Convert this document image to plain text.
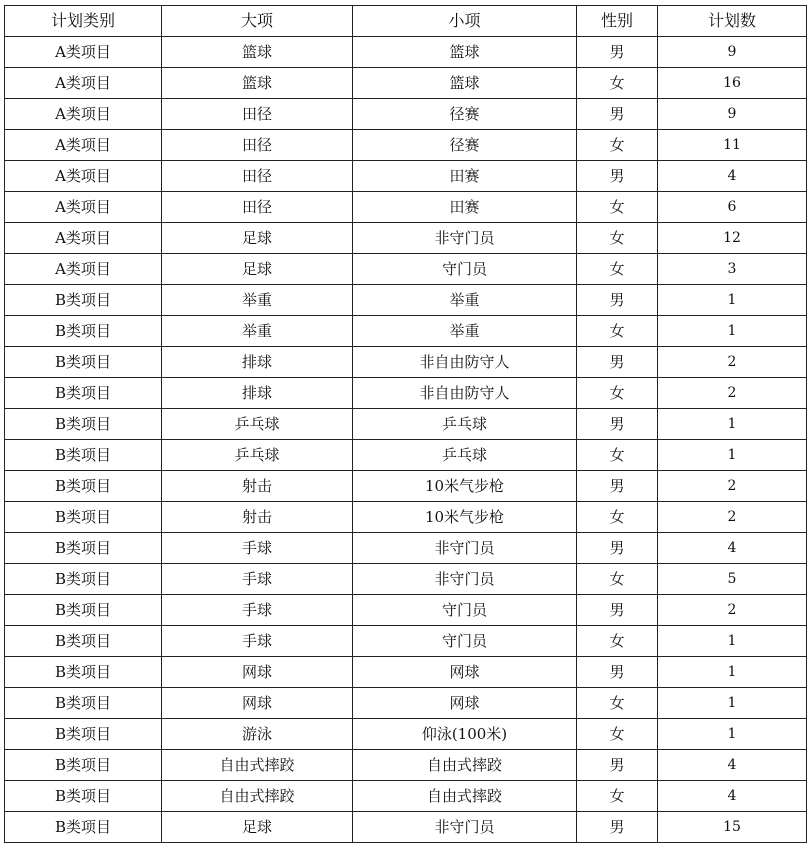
计划类别	大项	小项	性别	计划数
A类项目	篮球	篮球	男	9
A类项目	篮球	篮球	女	16
A类项目	田径	径赛	男	9
A类项目	田径	径赛	女	11
A类项目	田径	田赛	男	4
A类项目	田径	田赛	女	6
A类项目	足球	非守门员	女	12
A类项目	足球	守门员	女	3
B类项目	举重	举重	男	1
B类项目	举重	举重	女	1
B类项目	排球	非自由防守人	男	2
B类项目	排球	非自由防守人	女	2
B类项目	乒乓球	乒乓球	男	1
B类项目	乒乓球	乒乓球	女	1
B类项目	射击	10米气步枪	男	2
B类项目	射击	10米气步枪	女	2
B类项目	手球	非守门员	男	4
B类项目	手球	非守门员	女	5
B类项目	手球	守门员	男	2
B类项目	手球	守门员	女	1
B类项目	网球	网球	男	1
B类项目	网球	网球	女	1
B类项目	游泳	仰泳(100米)	女	1
B类项目	自由式摔跤	自由式摔跤	男	4
B类项目	自由式摔跤	自由式摔跤	女	4
B类项目	足球	非守门员	男	15
